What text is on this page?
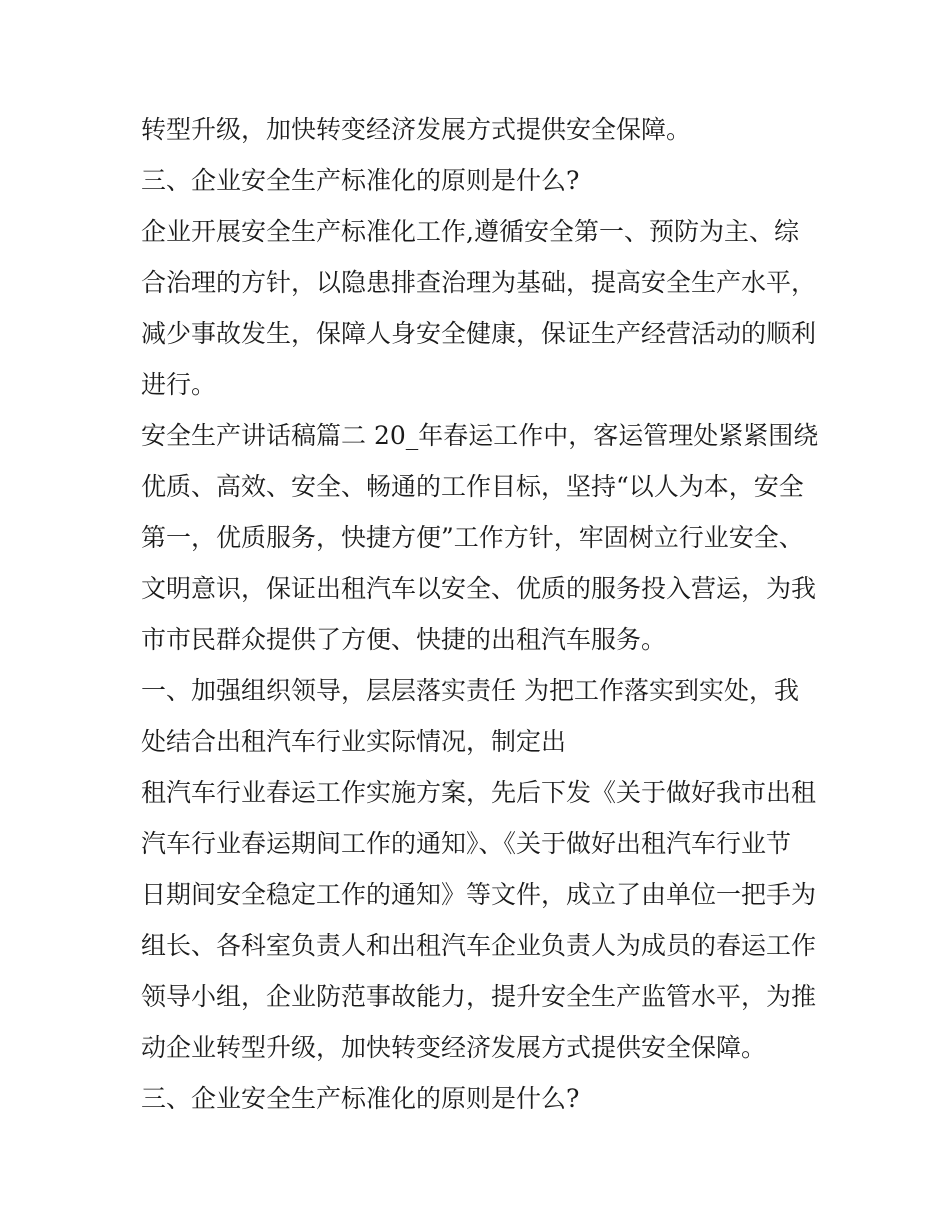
转型升级，加快转变经济发展方式提供安全保障。
三、企业安全生产标准化的原则是什么?
企业开展安全生产标准化工作,遵循安全第一、预防为主、综
合治理的方针，以隐患排查治理为基础，提高安全生产水平，
减少事故发生，保障人身安全健康，保证生产经营活动的顺利
进行。
安全生产讲话稿篇二 20_年春运工作中，客运管理处紧紧围绕
优质、高效、安全、畅通的工作目标，坚持“以人为本，安全
第一，优质服务，快捷方便”工作方针，牢固树立行业安全、
文明意识，保证出租汽车以安全、优质的服务投入营运，为我
市市民群众提供了方便、快捷的出租汽车服务。
一、加强组织领导，层层落实责任 为把工作落实到实处，我
处结合出租汽车行业实际情况，制定出
租汽车行业春运工作实施方案，先后下发《关于做好我市出租
汽车行业春运期间工作的通知》、《关于做好出租汽车行业节
日期间安全稳定工作的通知》等文件，成立了由单位一把手为
组长、各科室负责人和出租汽车企业负责人为成员的春运工作
领导小组，企业防范事故能力，提升安全生产监管水平，为推
动企业转型升级，加快转变经济发展方式提供安全保障。
三、企业安全生产标准化的原则是什么?
